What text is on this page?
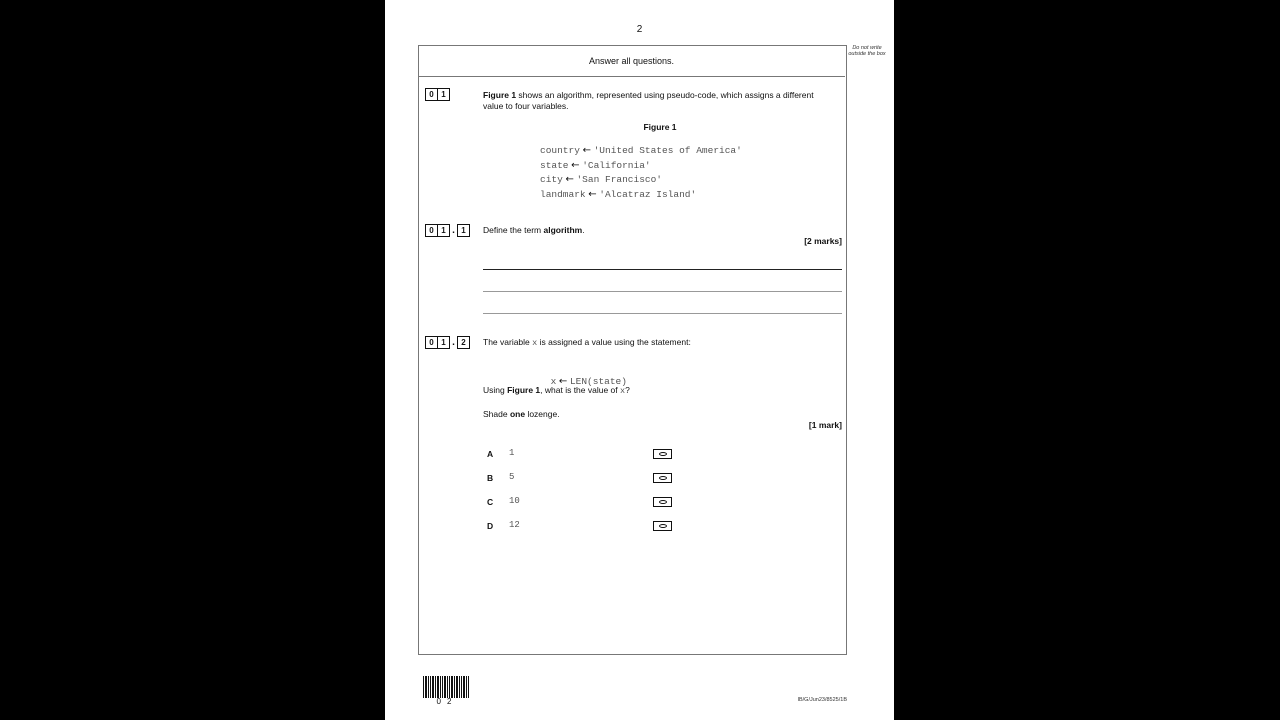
2
Do not write outside the box
Answer all questions.
0 1	Figure 1 shows an algorithm, represented using pseudo-code, which assigns a different value to four variables.
Figure 1
country ← 'United States of America'
state ← 'California'
city ← 'San Francisco'
landmark ← 'Alcatraz Island'
0 1 . 1	Define the term algorithm.
[2 marks]
0 1 . 2	The variable x is assigned a value using the statement:

x ← LEN(state)

Using Figure 1, what is the value of x?
Shade one lozenge.
[1 mark]
A 1
B 5
C 10
D 12
02	IB/G/Jun23/8525/1B
